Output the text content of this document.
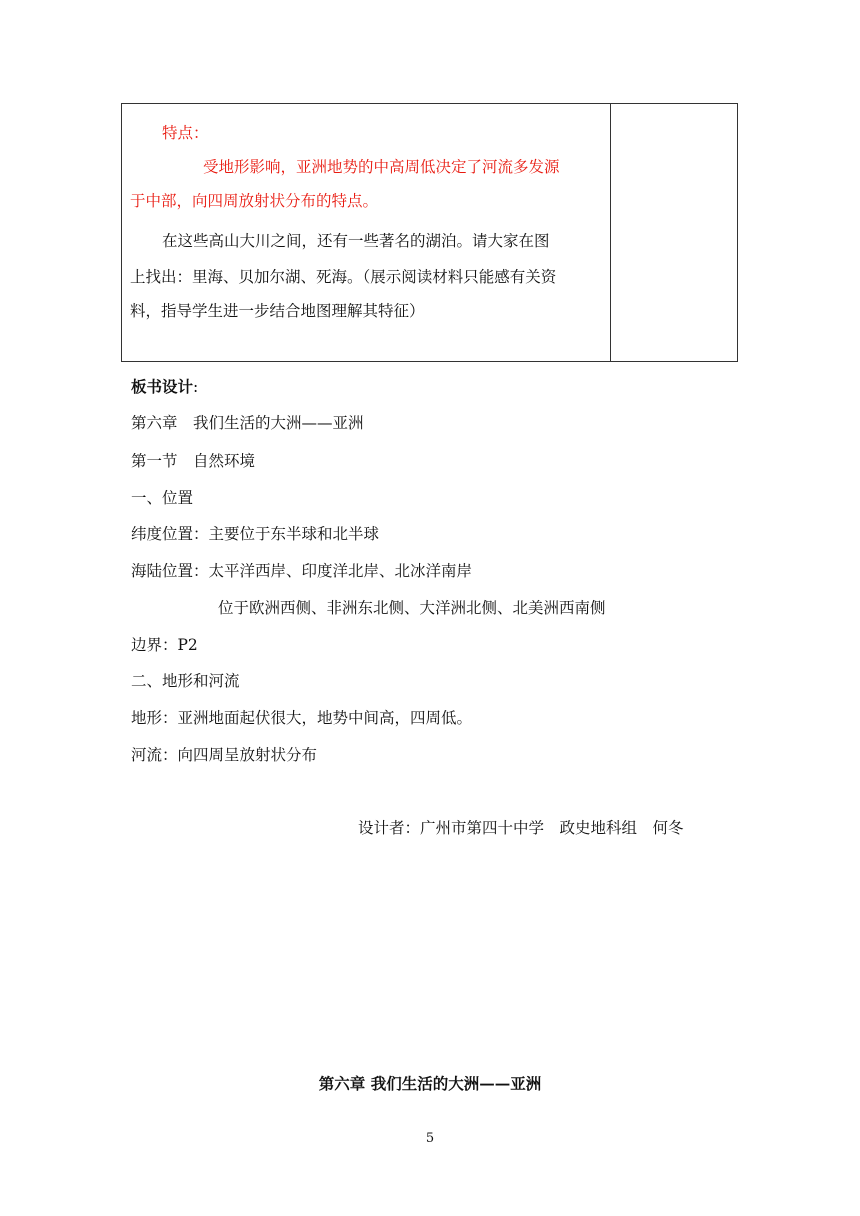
特点：
受地形影响，亚洲地势的中高周低决定了河流多发源
于中部，向四周放射状分布的特点。
在这些高山大川之间，还有一些著名的湖泊。请大家在图
上找出：里海、贝加尔湖、死海。（展示阅读材料只能感有关资
料，指导学生进一步结合地图理解其特征）
板书设计:
第六章　我们生活的大洲——亚洲
第一节　自然环境
一、位置
纬度位置：主要位于东半球和北半球
海陆位置：太平洋西岸、印度洋北岸、北冰洋南岸
位于欧洲西侧、非洲东北侧、大洋洲北侧、北美洲西南侧
边界：P2
二、地形和河流
地形：亚洲地面起伏很大，地势中间高，四周低。
河流：向四周呈放射状分布
设计者：广州市第四十中学　政史地科组　何冬
第六章 我们生活的大洲——亚洲
5
